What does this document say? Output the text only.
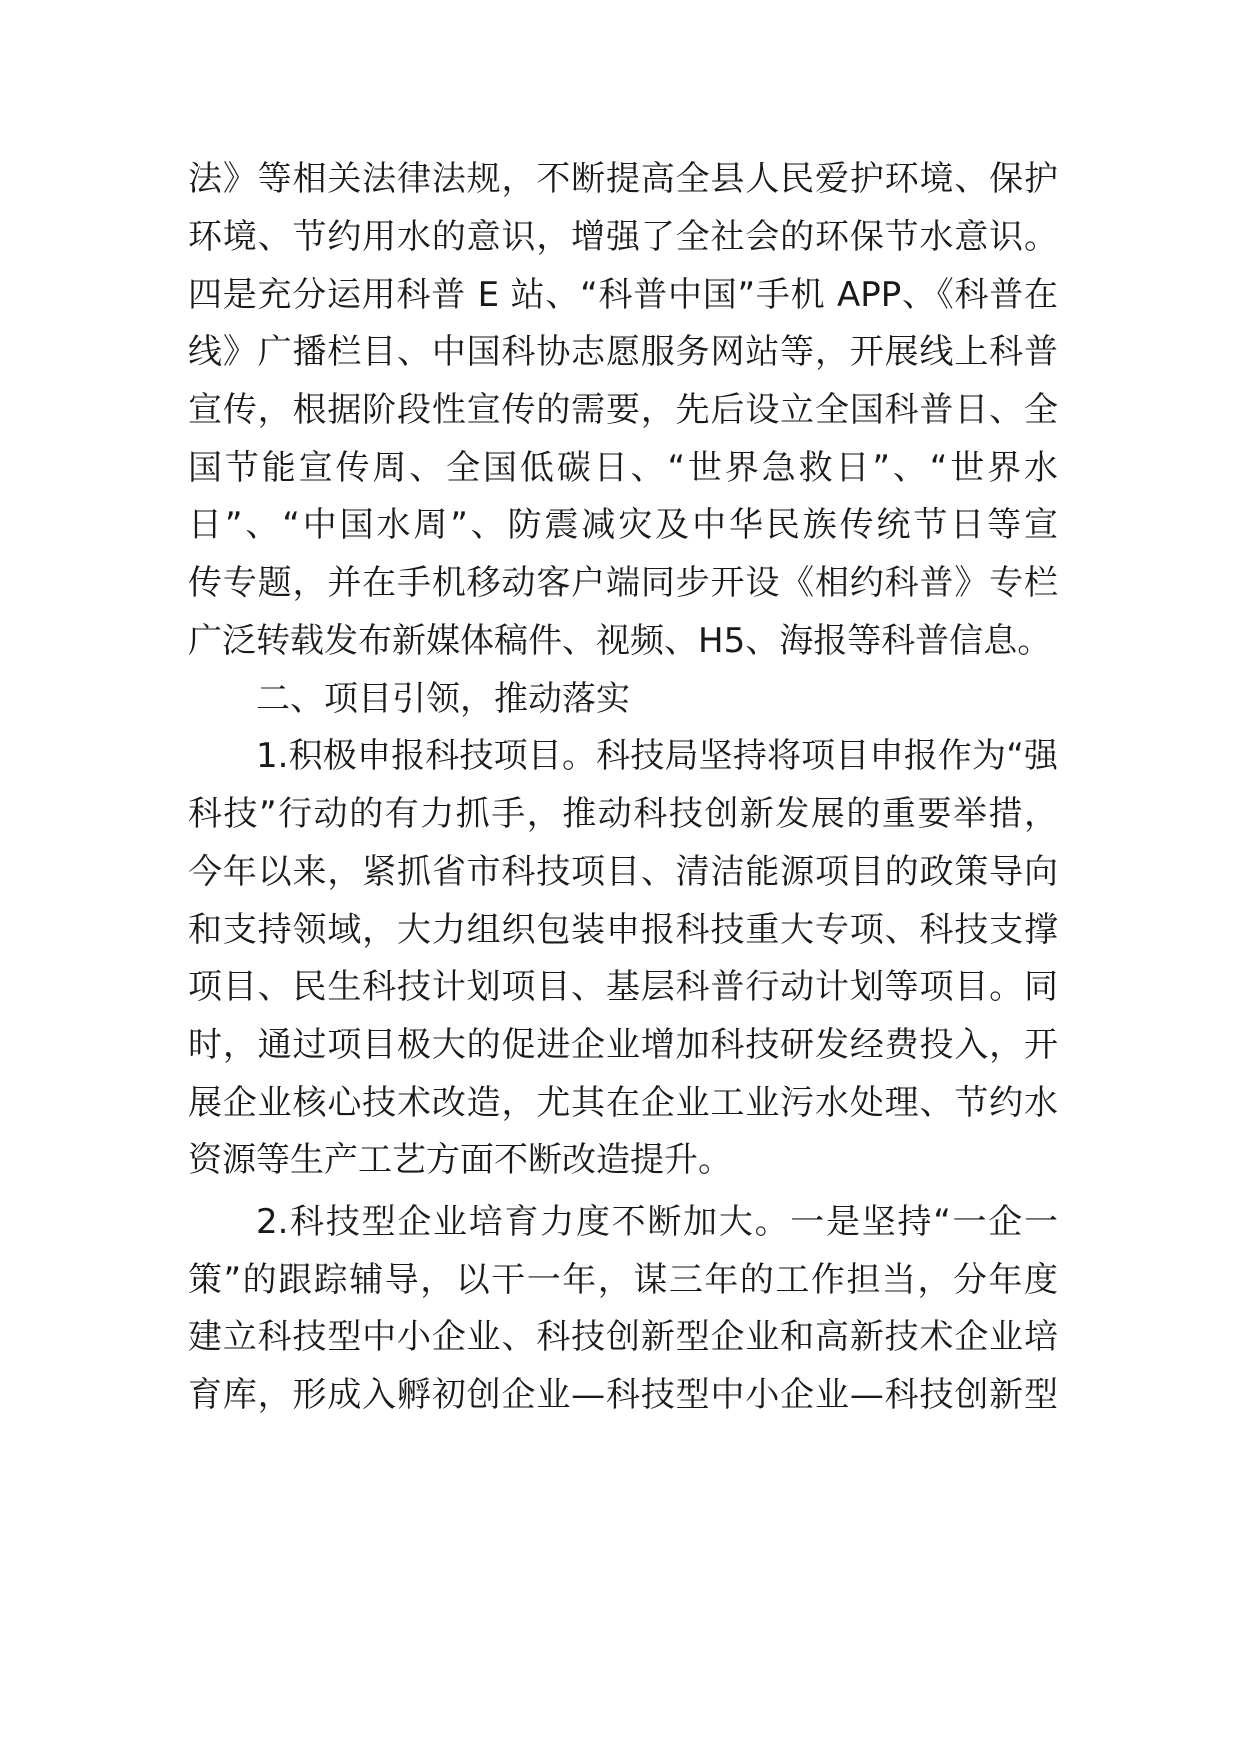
法》等相关法律法规，不断提高全县人民爱护环境、保护
环境、节约用水的意识，增强了全社会的环保节水意识。
四是充分运用科普 E 站、“科普中国”手机 APP、《科普在
线》广播栏目、中国科协志愿服务网站等，开展线上科普
宣传，根据阶段性宣传的需要，先后设立全国科普日、全
国节能宣传周、全国低碳日、“世界急救日”、“世界水
日”、“中国水周”、防震减灾及中华民族传统节日等宣
传专题，并在手机移动客户端同步开设《相约科普》专栏
广泛转载发布新媒体稿件、视频、H5、海报等科普信息。
二、项目引领，推动落实
1.积极申报科技项目。科技局坚持将项目申报作为“强
科技”行动的有力抓手，推动科技创新发展的重要举措，
今年以来，紧抓省市科技项目、清洁能源项目的政策导向
和支持领域，大力组织包装申报科技重大专项、科技支撑
项目、民生科技计划项目、基层科普行动计划等项目。同
时，通过项目极大的促进企业增加科技研发经费投入，开
展企业核心技术改造，尤其在企业工业污水处理、节约水
资源等生产工艺方面不断改造提升。
2.科技型企业培育力度不断加大。一是坚持“一企一
策”的跟踪辅导，以干一年，谋三年的工作担当，分年度
建立科技型中小企业、科技创新型企业和高新技术企业培
育库，形成入孵初创企业—科技型中小企业—科技创新型
